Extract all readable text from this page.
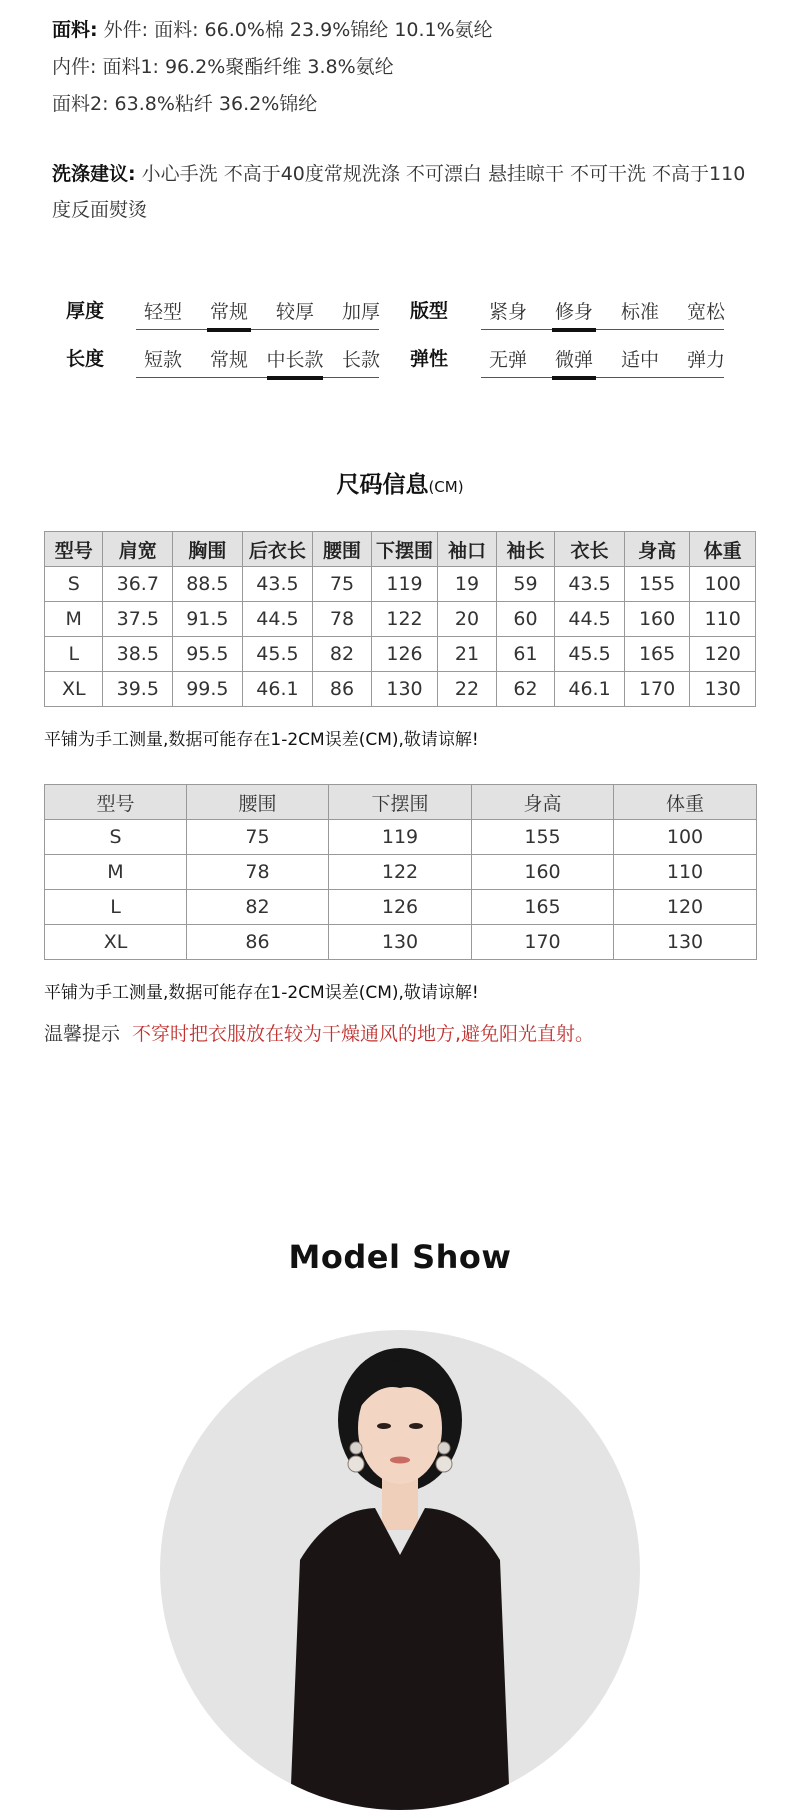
面料: 外件: 面料: 66.0%棉 23.9%锦纶 10.1%氨纶
内件: 面料1: 96.2%聚酯纤维 3.8%氨纶
面料2: 63.8%粘纤 36.2%锦纶
洗涤建议: 小心手洗 不高于40度常规洗涤 不可漂白 悬挂晾干 不可干洗 不高于110度反面熨烫
厚度	轻型	常规	较厚	加厚	版型	紧身	修身	标准	宽松
长度	短款	常规 中长款 长款	弹性	无弹	微弹	适中	弹力
尺码信息(CM)
型号	肩宽	胸围	后衣长	腰围	下摆围	袖口	袖长	衣长	身高	体重
S	36.7	88.5	43.5	75	119	19	59	43.5	155	100
M	37.5	91.5	44.5	78	122	20	60	44.5	160	110
L	38.5	95.5	45.5	82	126	21	61	45.5	165	120
XL	39.5	99.5	46.1	86	130	22	62	46.1	170	130
平铺为手工测量,数据可能存在1-2CM误差(CM),敬请谅解!
型号	腰围	下摆围	身高	体重
S	75	119	155	100
M	78	122	160	110
L	82	126	165	120
XL	86	130	170	130
平铺为手工测量,数据可能存在1-2CM误差(CM),敬请谅解!
温馨提示 不穿时把衣服放在较为干燥通风的地方,避免阳光直射。
Model Show
